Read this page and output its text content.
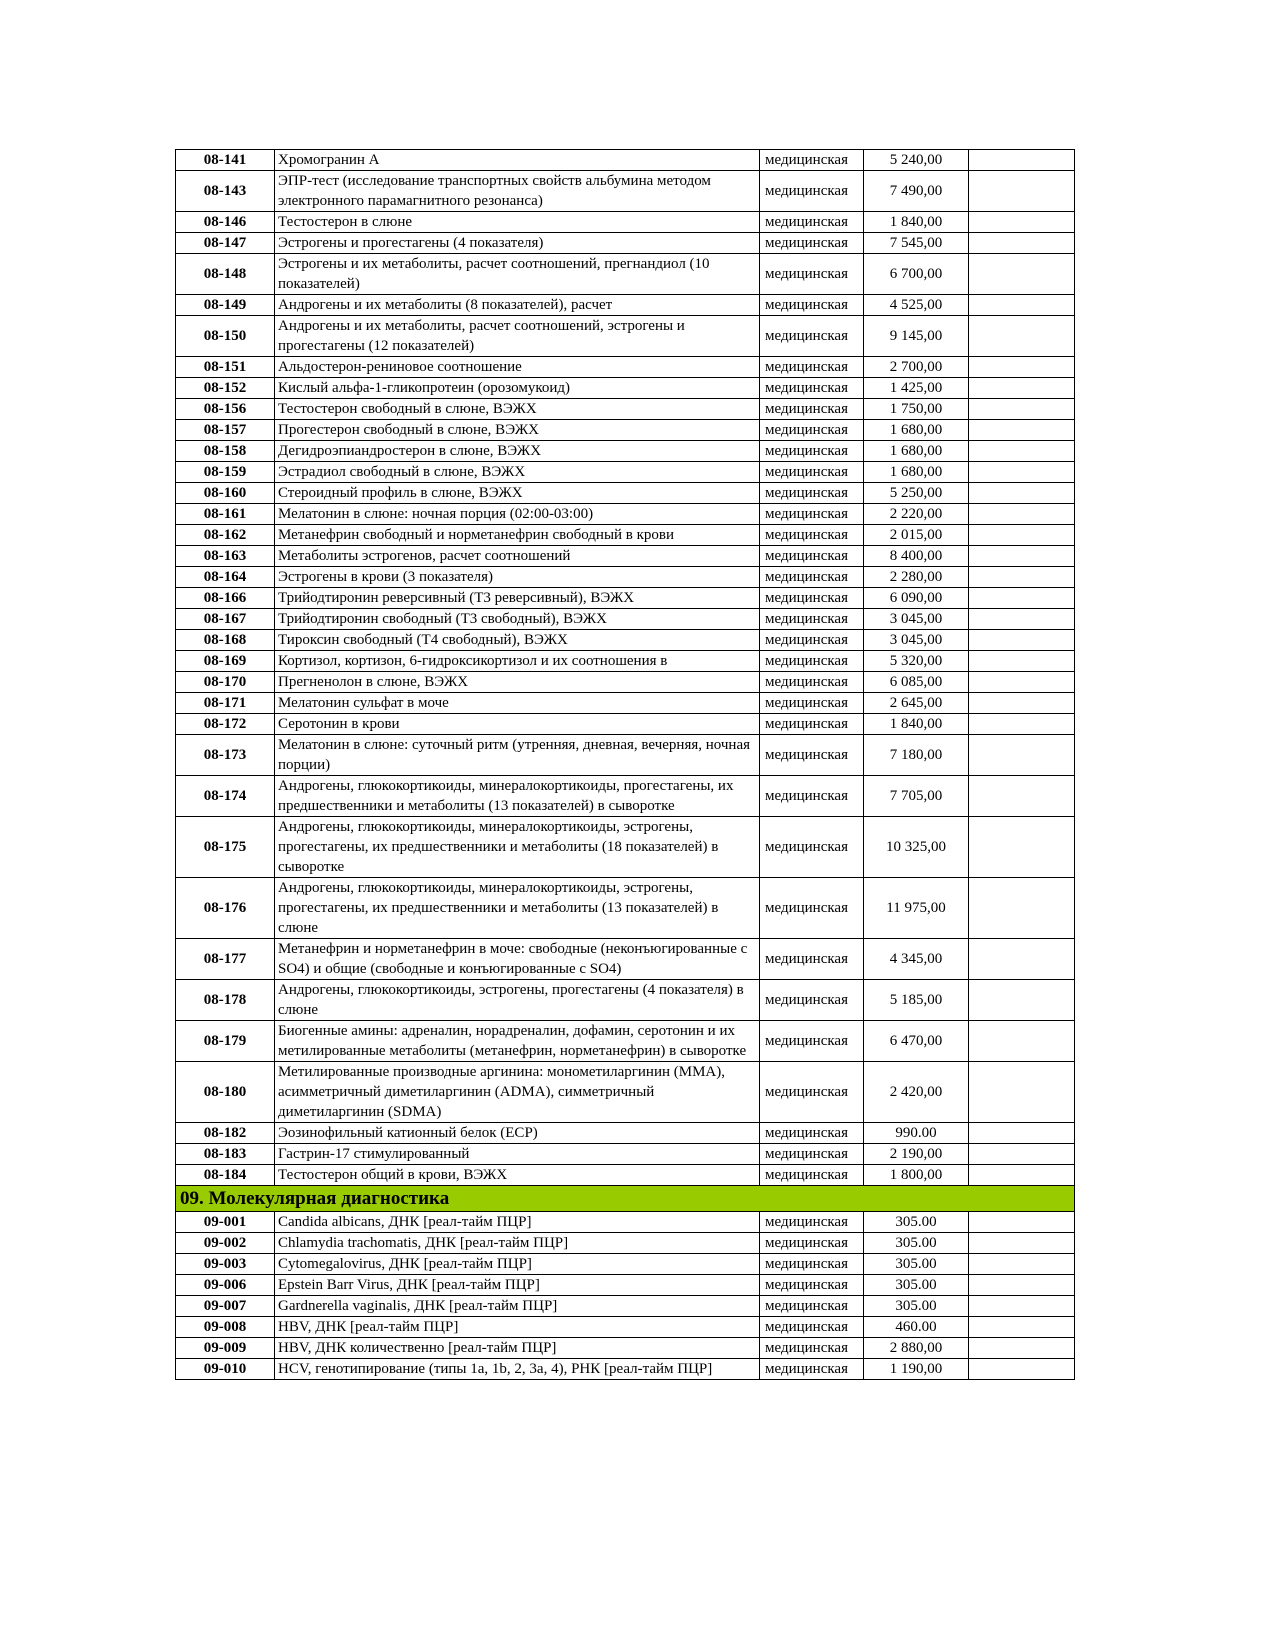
08-141	Хромогранин А	медицинская	5 240,00	
08-143	ЭПР-тест (исследование транспортных свойств альбумина методом электронного парамагнитного резонанса)	медицинская	7 490,00	
08-146	Тестостерон в слюне	медицинская	1 840,00	
08-147	Эстрогены и прогестагены (4 показателя)	медицинская	7 545,00	
08-148	Эстрогены и их метаболиты, расчет соотношений, прегнандиол (10 показателей)	медицинская	6 700,00	
08-149	Андрогены и их метаболиты (8 показателей), расчет	медицинская	4 525,00	
08-150	Андрогены и их метаболиты, расчет соотношений, эстрогены и прогестагены (12 показателей)	медицинская	9 145,00	
08-151	Альдостерон-рениновое соотношение	медицинская	2 700,00	
08-152	Кислый альфа-1-гликопротеин (орозомукоид)	медицинская	1 425,00	
08-156	Тестостерон свободный в слюне, ВЭЖХ	медицинская	1 750,00	
08-157	Прогестерон свободный в слюне, ВЭЖХ	медицинская	1 680,00	
08-158	Дегидроэпиандростерон в слюне, ВЭЖХ	медицинская	1 680,00	
08-159	Эстрадиол свободный в слюне, ВЭЖХ	медицинская	1 680,00	
08-160	Стероидный профиль в слюне, ВЭЖХ	медицинская	5 250,00	
08-161	Мелатонин в слюне: ночная порция (02:00-03:00)	медицинская	2 220,00	
08-162	Метанефрин свободный и норметанефрин свободный в крови	медицинская	2 015,00	
08-163	Метаболиты эстрогенов, расчет соотношений	медицинская	8 400,00	
08-164	Эстрогены в крови (3 показателя)	медицинская	2 280,00	
08-166	Трийодтиронин реверсивный (Т3 реверсивный), ВЭЖХ	медицинская	6 090,00	
08-167	Трийодтиронин свободный (Т3 свободный), ВЭЖХ	медицинская	3 045,00	
08-168	Тироксин свободный (Т4 свободный), ВЭЖХ	медицинская	3 045,00	
08-169	Кортизол, кортизон, 6-гидроксикортизол и их соотношения в	медицинская	5 320,00	
08-170	Прегненолон в слюне, ВЭЖХ	медицинская	6 085,00	
08-171	Мелатонин сульфат в моче	медицинская	2 645,00	
08-172	Серотонин в крови	медицинская	1 840,00	
08-173	Мелатонин в слюне: суточный ритм (утренняя, дневная, вечерняя, ночная порции)	медицинская	7 180,00	
08-174	Андрогены, глюкокортикоиды, минералокортикоиды, прогестагены, их предшественники и метаболиты (13 показателей) в сыворотке	медицинская	7 705,00	
08-175	Андрогены, глюкокортикоиды, минералокортикоиды, эстрогены, прогестагены, их предшественники и метаболиты (18 показателей) в сыворотке	медицинская	10 325,00	
08-176	Андрогены, глюкокортикоиды, минералокортикоиды, эстрогены, прогестагены, их предшественники и метаболиты (13 показателей) в слюне	медицинская	11 975,00	
08-177	Метанефрин и норметанефрин в моче: свободные (неконъюгированные с SO4) и общие (свободные и конъюгированные с SO4)	медицинская	4 345,00	
08-178	Андрогены, глюкокортикоиды, эстрогены, прогестагены (4 показателя) в слюне	медицинская	5 185,00	
08-179	Биогенные амины: адреналин, норадреналин, дофамин, серотонин и их метилированные метаболиты (метанефрин, норметанефрин) в сыворотке	медицинская	6 470,00	
08-180	Метилированные производные аргинина: монометиларгинин (MMA), асимметричный диметиларгинин (ADMA), симметричный диметиларгинин (SDMA)	медицинская	2 420,00	
08-182	Эозинофильный катионный белок (ECP)	медицинская	990.00	
08-183	Гастрин-17 стимулированный	медицинская	2 190,00	
08-184	Тестостерон общий в крови, ВЭЖХ	медицинская	1 800,00	
09. Молекулярная диагностика				
09-001	Candida albicans, ДНК [реал-тайм ПЦР]	медицинская	305.00	
09-002	Chlamydia trachomatis, ДНК [реал-тайм ПЦР]	медицинская	305.00	
09-003	Cytomegalovirus, ДНК [реал-тайм ПЦР]	медицинская	305.00	
09-006	Epstein Barr Virus, ДНК [реал-тайм ПЦР]	медицинская	305.00	
09-007	Gardnerella vaginalis, ДНК [реал-тайм ПЦР]	медицинская	305.00	
09-008	HBV, ДНК [реал-тайм ПЦР]	медицинская	460.00	
09-009	HBV, ДНК количественно [реал-тайм ПЦР]	медицинская	2 880,00	
09-010	HCV, генотипирование (типы 1a, 1b, 2, 3a, 4), РНК [реал-тайм ПЦР]	медицинская	1 190,00	
